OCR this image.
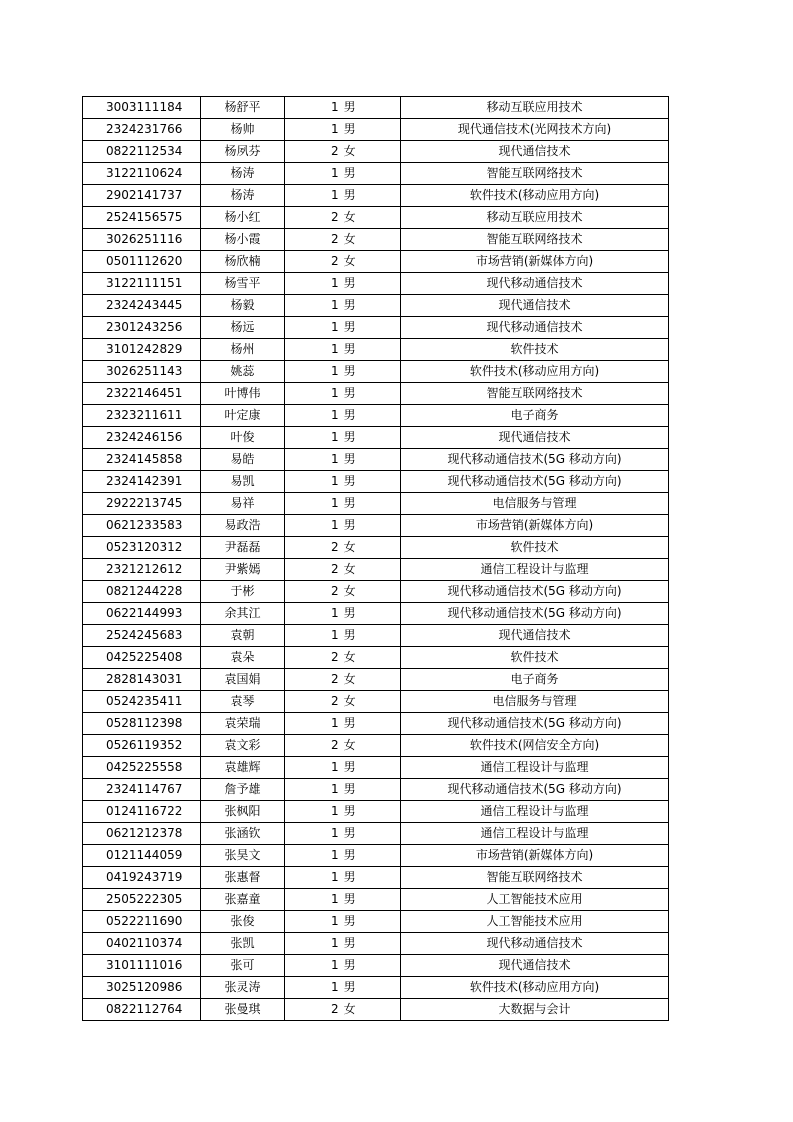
3003111184	杨舒平	1 男	移动互联应用技术
2324231766	杨帅	1 男	现代通信技术(光网技术方向)
0822112534	杨夙芬	2 女	现代通信技术
3122110624	杨涛	1 男	智能互联网络技术
2902141737	杨涛	1 男	软件技术(移动应用方向)
2524156575	杨小红	2 女	移动互联应用技术
3026251116	杨小霞	2 女	智能互联网络技术
0501112620	杨欣楠	2 女	市场营销(新媒体方向)
3122111151	杨雪平	1 男	现代移动通信技术
2324243445	杨毅	1 男	现代通信技术
2301243256	杨远	1 男	现代移动通信技术
3101242829	杨州	1 男	软件技术
3026251143	姚蕊	1 男	软件技术(移动应用方向)
2322146451	叶博伟	1 男	智能互联网络技术
2323211611	叶定康	1 男	电子商务
2324246156	叶俊	1 男	现代通信技术
2324145858	易皓	1 男	现代移动通信技术(5G 移动方向)
2324142391	易凯	1 男	现代移动通信技术(5G 移动方向)
2922213745	易祥	1 男	电信服务与管理
0621233583	易政浩	1 男	市场营销(新媒体方向)
0523120312	尹磊磊	2 女	软件技术
2321212612	尹紫嫣	2 女	通信工程设计与监理
0821244228	于彬	2 女	现代移动通信技术(5G 移动方向)
0622144993	余其江	1 男	现代移动通信技术(5G 移动方向)
2524245683	袁朝	1 男	现代通信技术
0425225408	袁朵	2 女	软件技术
2828143031	袁国娟	2 女	电子商务
0524235411	袁琴	2 女	电信服务与管理
0528112398	袁荣瑞	1 男	现代移动通信技术(5G 移动方向)
0526119352	袁文彩	2 女	软件技术(网信安全方向)
0425225558	袁雄辉	1 男	通信工程设计与监理
2324114767	詹予雄	1 男	现代移动通信技术(5G 移动方向)
0124116722	张枫阳	1 男	通信工程设计与监理
0621212378	张涵钦	1 男	通信工程设计与监理
0121144059	张昊文	1 男	市场营销(新媒体方向)
0419243719	张惠督	1 男	智能互联网络技术
2505222305	张嘉童	1 男	人工智能技术应用
0522211690	张俊	1 男	人工智能技术应用
0402110374	张凯	1 男	现代移动通信技术
3101111016	张可	1 男	现代通信技术
3025120986	张灵涛	1 男	软件技术(移动应用方向)
0822112764	张曼琪	2 女	大数据与会计
